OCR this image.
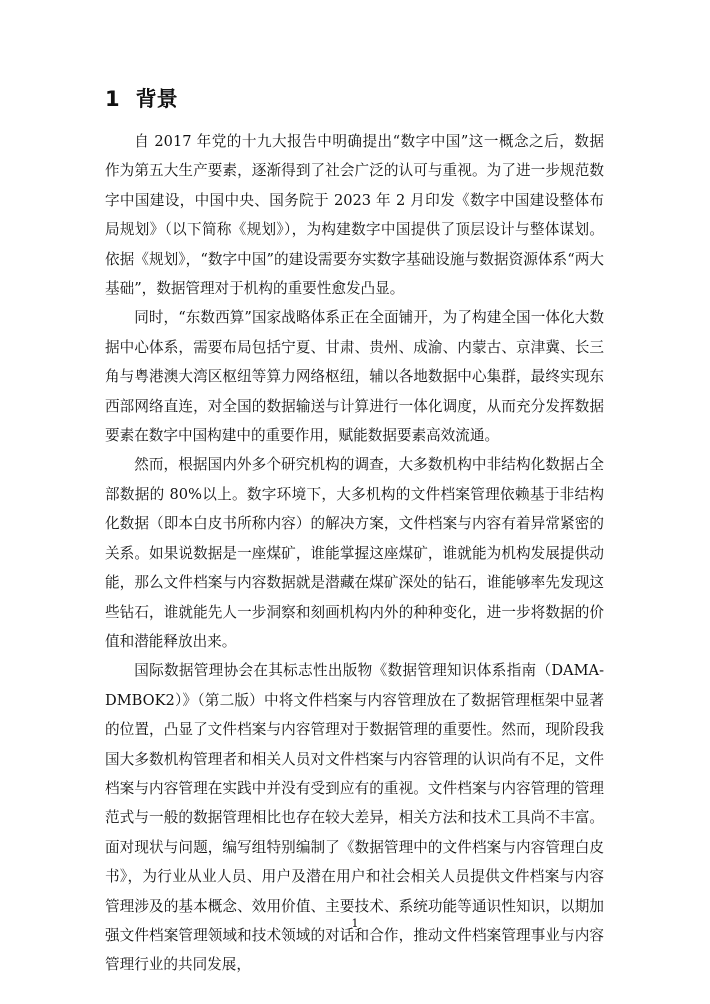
1 背景

自 2017 年党的十九大报告中明确提出“数字中国”这一概念之后，数据作为第五大生产要素，逐渐得到了社会广泛的认可与重视。为了进一步规范数字中国建设，中国中央、国务院于 2023 年 2 月印发《数字中国建设整体布局规划》（以下简称《规划》），为构建数字中国提供了顶层设计与整体谋划。依据《规划》，“数字中国”的建设需要夯实数字基础设施与数据资源体系“两大基础”，数据管理对于机构的重要性愈发凸显。

同时，“东数西算”国家战略体系正在全面铺开，为了构建全国一体化大数据中心体系，需要布局包括宁夏、甘肃、贵州、成渝、内蒙古、京津冀、长三角与粤港澳大湾区枢纽等算力网络枢纽，辅以各地数据中心集群，最终实现东西部网络直连，对全国的数据输送与计算进行一体化调度，从而充分发挥数据要素在数字中国构建中的重要作用，赋能数据要素高效流通。

然而，根据国内外多个研究机构的调查，大多数机构中非结构化数据占全部数据的 80%以上。数字环境下，大多机构的文件档案管理依赖基于非结构化数据（即本白皮书所称内容）的解决方案，文件档案与内容有着异常紧密的关系。如果说数据是一座煤矿，谁能掌握这座煤矿，谁就能为机构发展提供动能，那么文件档案与内容数据就是潜藏在煤矿深处的钻石，谁能够率先发现这些钻石，谁就能先人一步洞察和刻画机构内外的种种变化，进一步将数据的价值和潜能释放出来。

国际数据管理协会在其标志性出版物《数据管理知识体系指南（DAMA-DMBOK2）》（第二版）中将文件档案与内容管理放在了数据管理框架中显著的位置，凸显了文件档案与内容管理对于数据管理的重要性。然而，现阶段我国大多数机构管理者和相关人员对文件档案与内容管理的认识尚有不足，文件档案与内容管理在实践中并没有受到应有的重视。文件档案与内容管理的管理范式与一般的数据管理相比也存在较大差异，相关方法和技术工具尚不丰富。面对现状与问题，编写组特别编制了《数据管理中的文件档案与内容管理白皮书》，为行业从业人员、用户及潜在用户和社会相关人员提供文件档案与内容管理涉及的基本概念、效用价值、主要技术、系统功能等通识性知识，以期加强文件档案管理领域和技术领域的对话和合作，推动文件档案管理事业与内容管理行业的共同发展，

1
